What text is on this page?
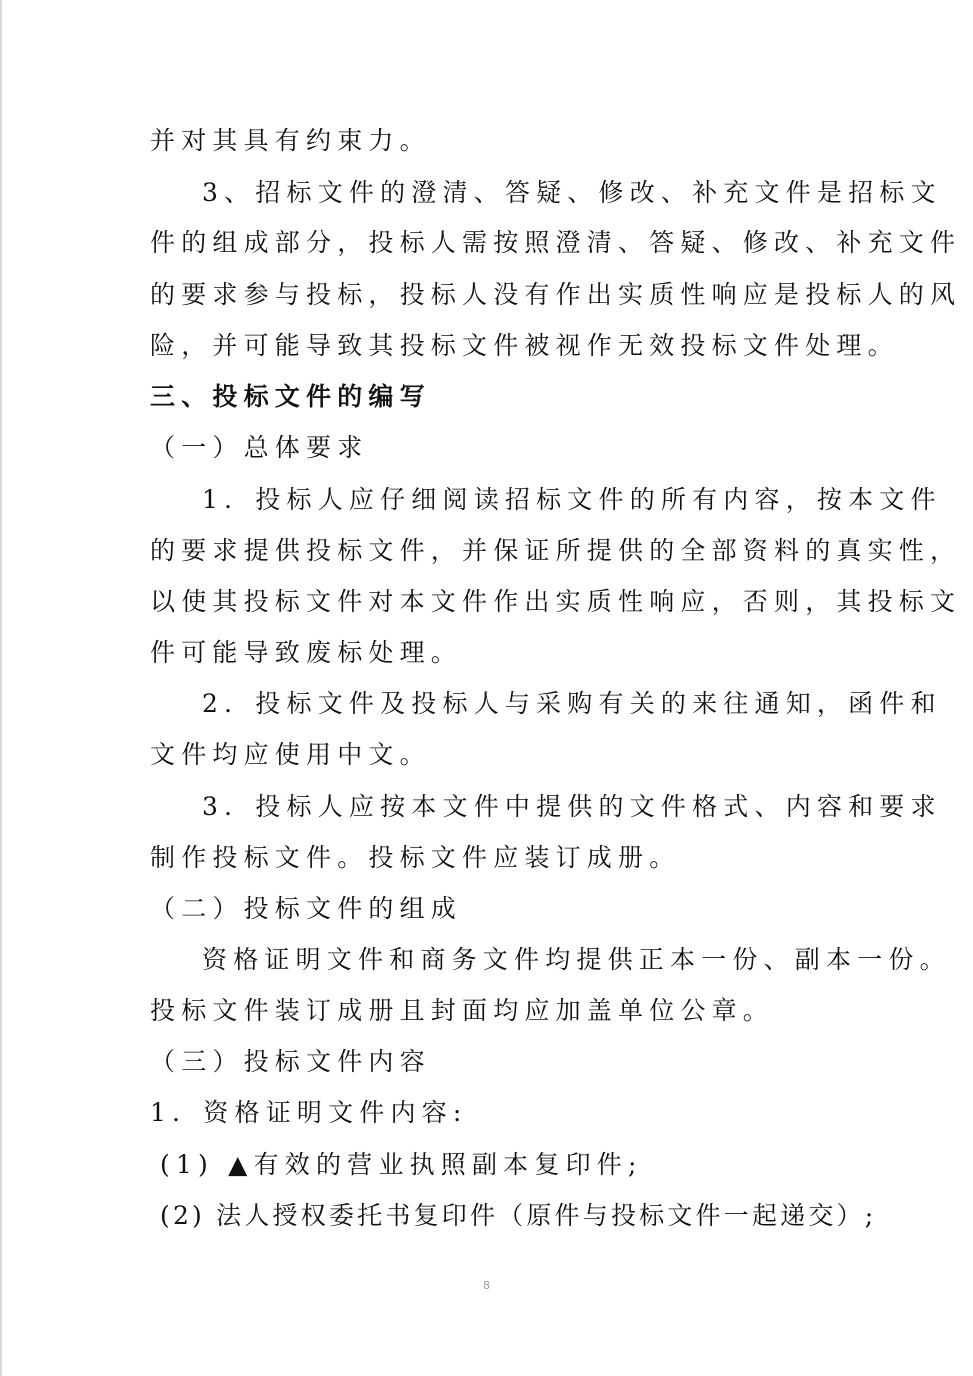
并对其具有约束力。
3、招标文件的澄清、答疑、修改、补充文件是招标文
件的组成部分，投标人需按照澄清、答疑、修改、补充文件
的要求参与投标，投标人没有作出实质性响应是投标人的风
险，并可能导致其投标文件被视作无效投标文件处理。
三、投标文件的编写
（一）总体要求
1．投标人应仔细阅读招标文件的所有内容，按本文件
的要求提供投标文件，并保证所提供的全部资料的真实性，
以使其投标文件对本文件作出实质性响应，否则，其投标文
件可能导致废标处理。
2．投标文件及投标人与采购有关的来往通知，函件和
文件均应使用中文。
3．投标人应按本文件中提供的文件格式、内容和要求
制作投标文件。投标文件应装订成册。
（二）投标文件的组成
资格证明文件和商务文件均提供正本一份、副本一份。
投标文件装订成册且封面均应加盖单位公章。
（三）投标文件内容
1．资格证明文件内容:
(1) ▲有效的营业执照副本复印件;
(2) 法人授权委托书复印件（原件与投标文件一起递交）;
8
